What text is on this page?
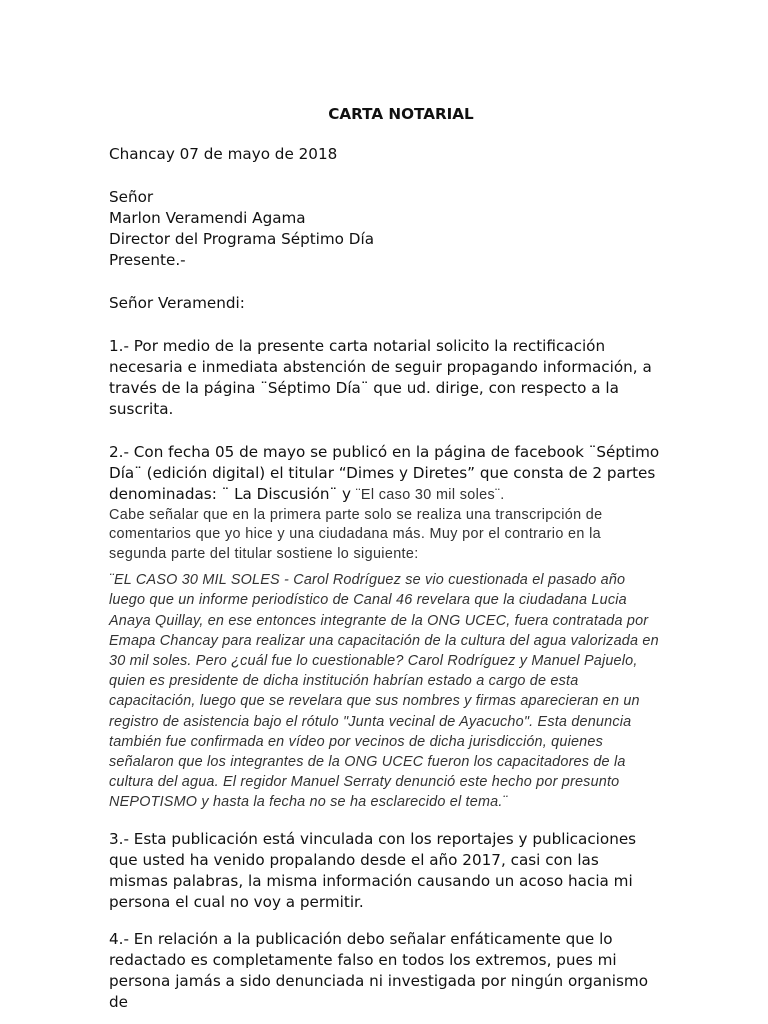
CARTA NOTARIAL

Chancay 07 de mayo de 2018

Señor

Marlon Veramendi Agama

Director del Programa Séptimo Día

Presente.-

Señor Veramendi:

1.- Por medio de la presente carta notarial solicito la rectificación necesaria e inmediata abstención de seguir propagando información, a través de la página ¨Séptimo Día¨ que ud. dirige, con respecto a la suscrita.

2.- Con fecha 05 de mayo se publicó en la página de facebook ¨Séptimo Día¨ (edición digital) el titular “Dimes y Diretes” que consta de 2 partes denominadas: ¨ La Discusión¨ y ¨El caso 30 mil soles¨.

Cabe señalar que en la primera parte solo se realiza una transcripción de comentarios que yo hice y una ciudadana más. Muy por el contrario en la segunda parte del titular sostiene lo siguiente:

¨EL CASO 30 MIL SOLES - Carol Rodríguez se vio cuestionada el pasado año luego que un informe periodístico de Canal 46 revelara que la ciudadana Lucia Anaya Quillay, en ese entonces integrante de la ONG UCEC, fuera contratada por Emapa Chancay para realizar una capacitación de la cultura del agua valorizada en 30 mil soles. Pero ¿cuál fue lo cuestionable? Carol Rodríguez y Manuel Pajuelo, quien es presidente de dicha institución habrían estado a cargo de esta capacitación, luego que se revelara que sus nombres y firmas aparecieran en un registro de asistencia bajo el rótulo "Junta vecinal de Ayacucho". Esta denuncia también fue confirmada en vídeo por vecinos de dicha jurisdicción, quienes señalaron que los integrantes de la ONG UCEC fueron los capacitadores de la cultura del agua. El regidor Manuel Serraty denunció este hecho por presunto NEPOTISMO y hasta la fecha no se ha esclarecido el tema.¨

3.- Esta publicación está vinculada con los reportajes y publicaciones que usted ha venido propalando desde el año 2017, casi con las mismas palabras, la misma información causando un acoso hacia mi persona el cual no voy a permitir.

4.- En relación a la publicación debo señalar enfáticamente que lo redactado es completamente falso en todos los extremos, pues mi persona jamás a sido denunciada ni investigada por ningún organismo de
